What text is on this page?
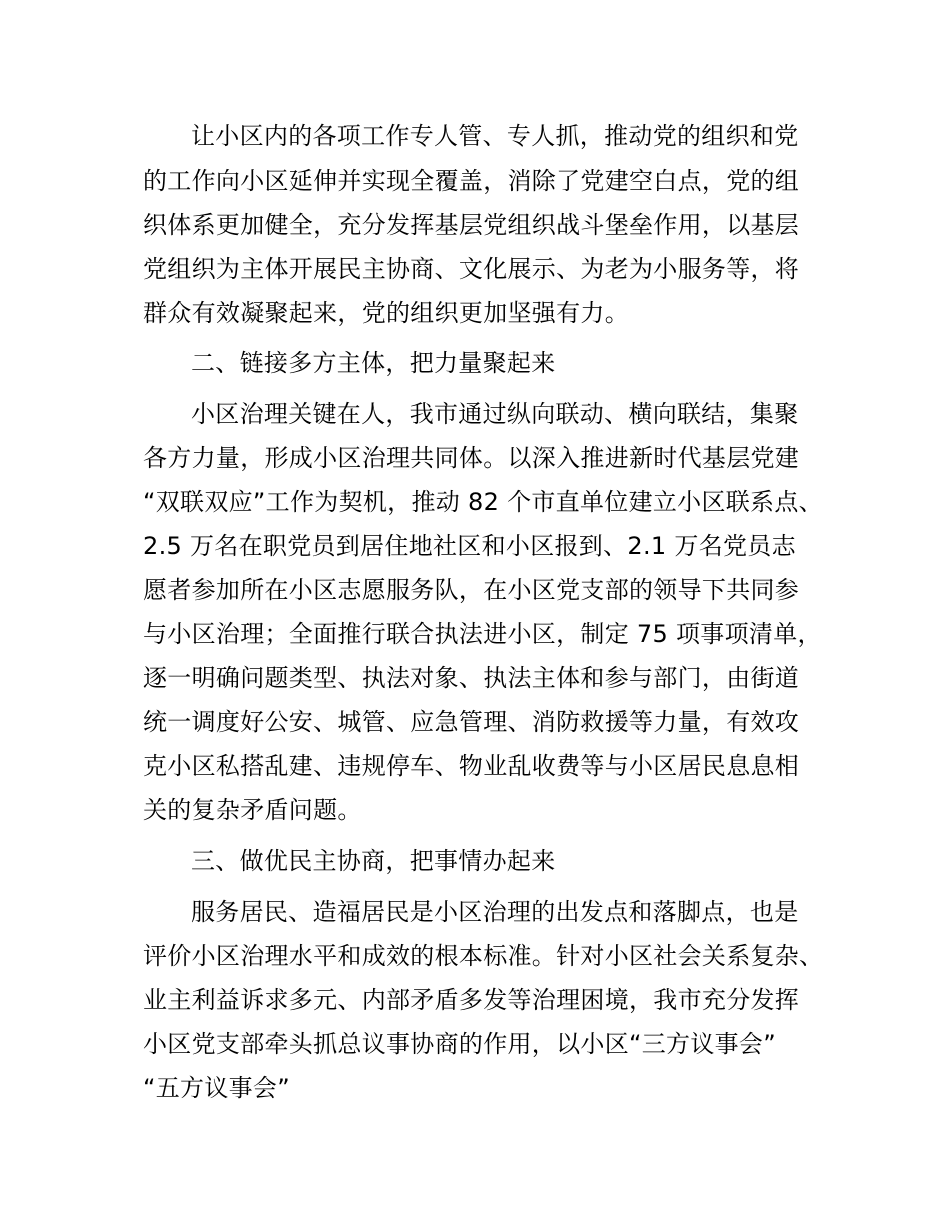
让小区内的各项工作专人管、专人抓，推动党的组织和党
的工作向小区延伸并实现全覆盖，消除了党建空白点，党的组
织体系更加健全，充分发挥基层党组织战斗堡垒作用，以基层
党组织为主体开展民主协商、文化展示、为老为小服务等，将
群众有效凝聚起来，党的组织更加坚强有力。
二、链接多方主体，把力量聚起来
小区治理关键在人，我市通过纵向联动、横向联结，集聚
各方力量，形成小区治理共同体。以深入推进新时代基层党建
“双联双应”工作为契机，推动 82 个市直单位建立小区联系点、
2.5 万名在职党员到居住地社区和小区报到、2.1 万名党员志
愿者参加所在小区志愿服务队，在小区党支部的领导下共同参
与小区治理；全面推行联合执法进小区，制定 75 项事项清单，
逐一明确问题类型、执法对象、执法主体和参与部门，由街道
统一调度好公安、城管、应急管理、消防救援等力量，有效攻
克小区私搭乱建、违规停车、物业乱收费等与小区居民息息相
关的复杂矛盾问题。
三、做优民主协商，把事情办起来
服务居民、造福居民是小区治理的出发点和落脚点，也是
评价小区治理水平和成效的根本标准。针对小区社会关系复杂、
业主利益诉求多元、内部矛盾多发等治理困境，我市充分发挥
小区党支部牵头抓总议事协商的作用，以小区“三方议事会”
“五方议事会”
